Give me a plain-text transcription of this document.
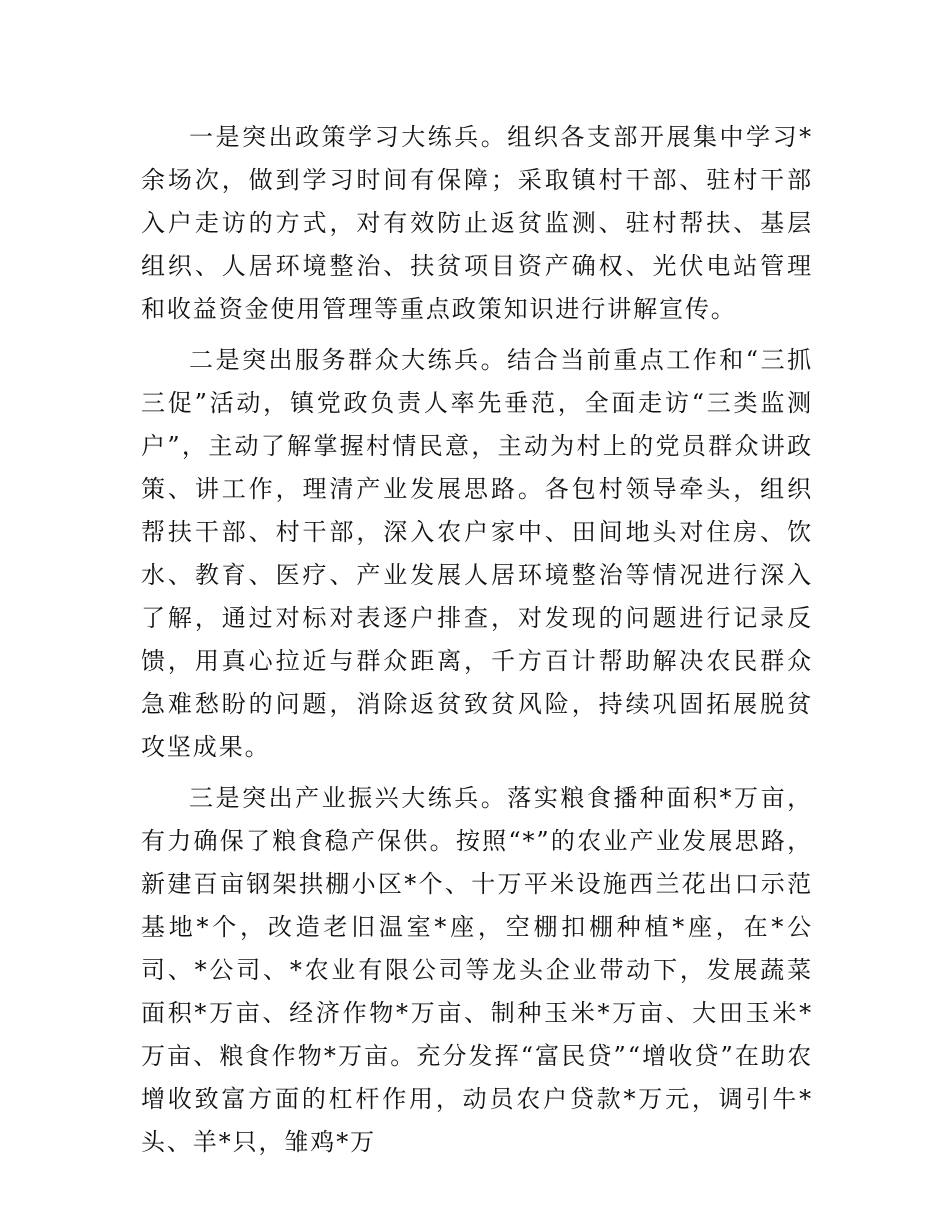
一是突出政策学习大练兵。组织各支部开展集中学习*余场次，做到学习时间有保障；采取镇村干部、驻村干部入户走访的方式，对有效防止返贫监测、驻村帮扶、基层组织、人居环境整治、扶贫项目资产确权、光伏电站管理和收益资金使用管理等重点政策知识进行讲解宣传。

二是突出服务群众大练兵。结合当前重点工作和“三抓三促”活动，镇党政负责人率先垂范，全面走访“三类监测户”，主动了解掌握村情民意，主动为村上的党员群众讲政策、讲工作，理清产业发展思路。各包村领导牵头，组织帮扶干部、村干部，深入农户家中、田间地头对住房、饮水、教育、医疗、产业发展人居环境整治等情况进行深入了解，通过对标对表逐户排查，对发现的问题进行记录反馈，用真心拉近与群众距离，千方百计帮助解决农民群众急难愁盼的问题，消除返贫致贫风险，持续巩固拓展脱贫攻坚成果。

三是突出产业振兴大练兵。落实粮食播种面积*万亩，有力确保了粮食稳产保供。按照“*”的农业产业发展思路，新建百亩钢架拱棚小区*个、十万平米设施西兰花出口示范基地*个，改造老旧温室*座，空棚扣棚种植*座，在*公司、*公司、*农业有限公司等龙头企业带动下，发展蔬菜面积*万亩、经济作物*万亩、制种玉米*万亩、大田玉米*万亩、粮食作物*万亩。充分发挥“富民贷”“增收贷”在助农增收致富方面的杠杆作用，动员农户贷款*万元，调引牛*头、羊*只，雏鸡*万
